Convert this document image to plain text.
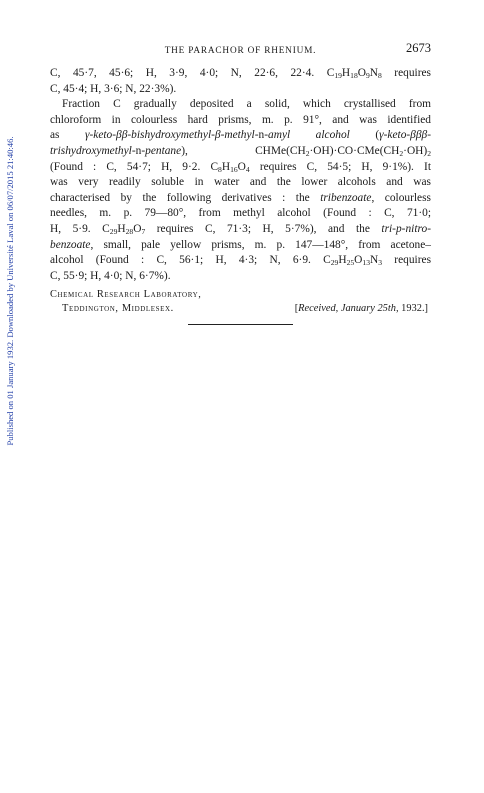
Published on 01 January 1932. Downloaded by Université Laval on 06/07/2015 21:40:46.
THE PARACHOR OF RHENIUM.	2673
C, 45·7, 45·6; H, 3·9, 4·0; N, 22·6, 22·4. $C_{19}H_{18}O_9N_8$ requires
C, 45·4; H, 3·6; N, 22·3%).
Fraction C gradually deposited a solid, which crystallised from
chloroform in colourless hard prisms, m. p. 91°, and was identified
as γ-keto-ββ-bishydroxymethyl-β-methyl-n-amyl alcohol (γ-keto-βββ-
trishydroxymethyl-n-pentane), $CHMe(CH_2\cdot OH)\cdot CO\cdot CMe(CH_2\cdot OH)_2$
(Found : C, 54·7; H, 9·2. $C_8H_{16}O_4$ requires C, 54·5; H, 9·1%). It
was very readily soluble in water and the lower alcohols and was
characterised by the following derivatives : the tribenzoate, colourless
needles, m. p. 79—80°, from methyl alcohol (Found : C, 71·0;
H, 5·9. $C_{29}H_{28}O_7$ requires C, 71·3; H, 5·7%), and the tri-p-nitro-
benzoate, small, pale yellow prisms, m. p. 147—148°, from acetone–
alcohol (Found : C, 56·1; H, 4·3; N, 6·9. $C_{29}H_{25}O_{13}N_3$ requires
C, 55·9; H, 4·0; N, 6·7%).
Chemical Research Laboratory,
Teddington, Middlesex.	[Received, January 25th, 1932.]
